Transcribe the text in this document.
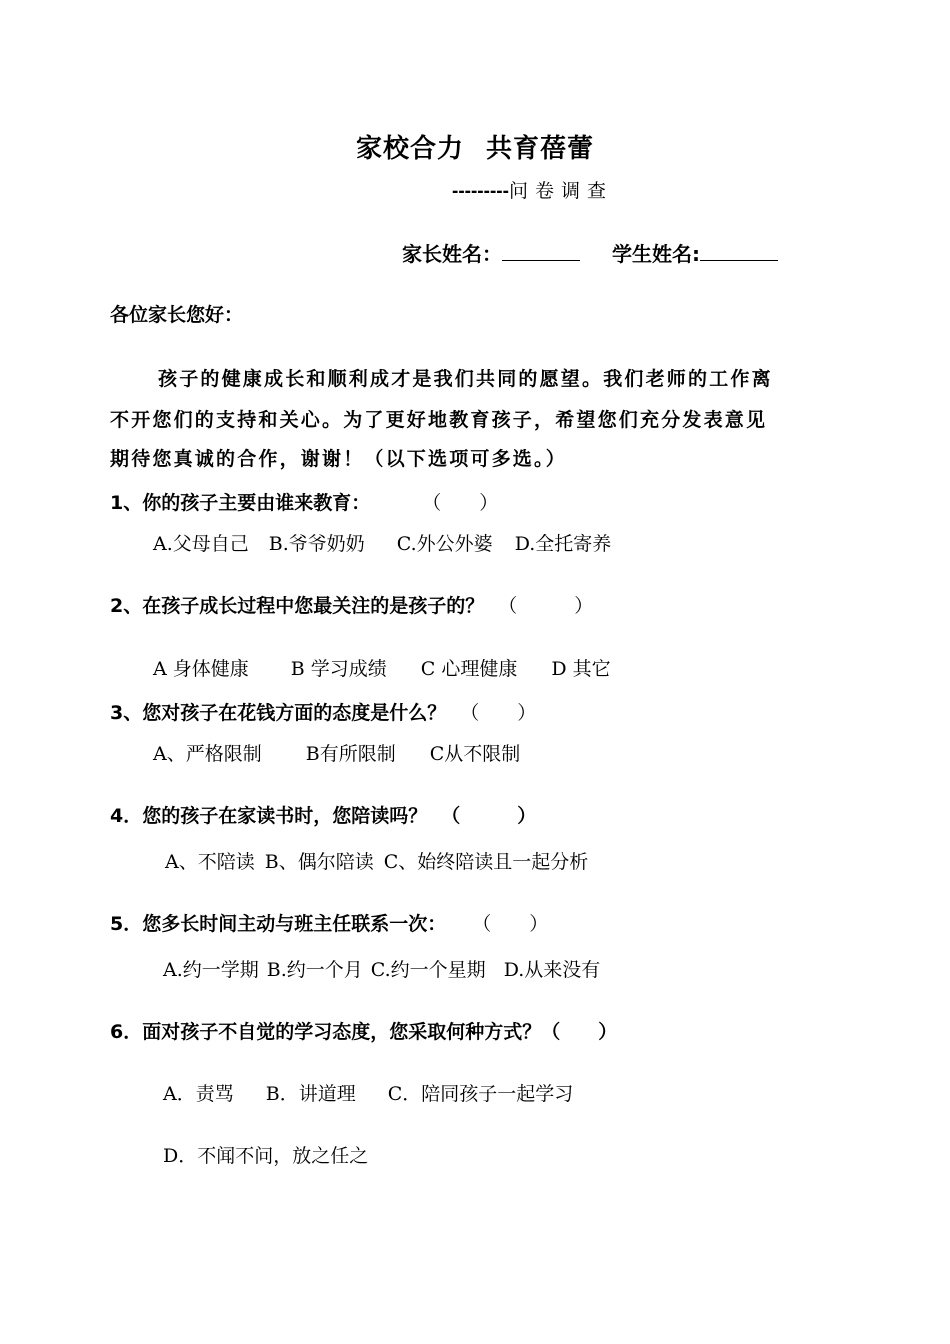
家校合力 共育蓓蕾
---------问卷调查
家长姓名：	学生姓名:
各位家长您好：
孩子的健康成长和顺利成才是我们共同的愿望。我们老师的工作离
不开您们的支持和关心。为了更好地教育孩子，希望您们充分发表意见
期待您真诚的合作，谢谢！（以下选项可多选。）
1、你的孩子主要由谁来教育：	（　　）
A.父母自己 B.爷爷奶奶 C.外公外婆 D.全托寄养
2、在孩子成长过程中您最关注的是孩子的？ （　　　）
A 身体健康 B 学习成绩 C 心理健康 D 其它
3、您对孩子在花钱方面的态度是什么？ （　　）
A、严格限制 B有所限制 C从不限制
4．您的孩子在家读书时，您陪读吗？ （　　　）
A、不陪读 B、偶尔陪读 C、始终陪读且一起分析
5．您多长时间主动与班主任联系一次： （　　）
A.约一学期 B.约一个月 C.约一个星期 D.从来没有
6．面对孩子不自觉的学习态度，您采取何种方式？（　　）
A．责骂 B．讲道理 C．陪同孩子一起学习
D．不闻不问，放之任之
